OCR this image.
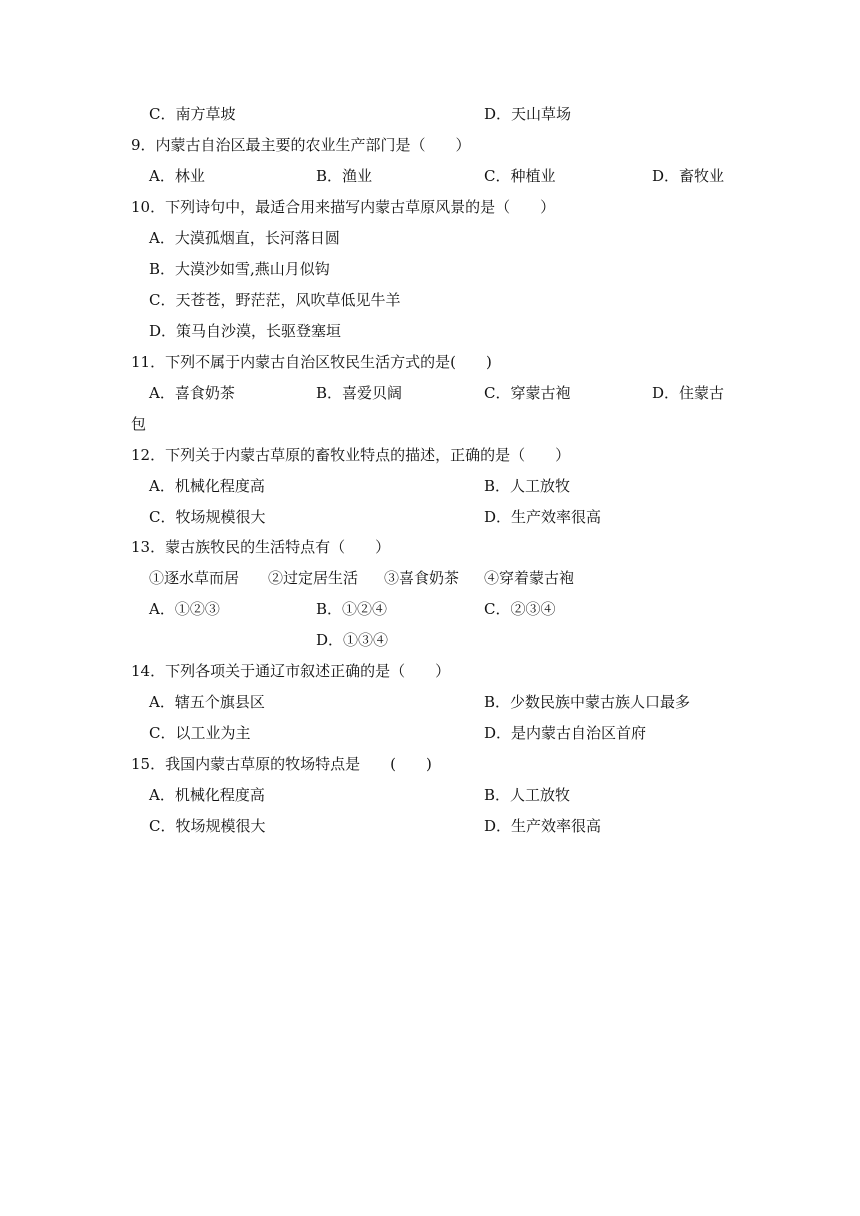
C．南方草坡	D．天山草场
9．内蒙古自治区最主要的农业生产部门是（　　）
A．林业	B．渔业	C．种植业	D．畜牧业
10．下列诗句中，最适合用来描写内蒙古草原风景的是（　　）
A．大漠孤烟直，长河落日圆
B．大漠沙如雪,燕山月似钩
C．天苍苍，野茫茫，风吹草低见牛羊
D．策马自沙漠，长驱登塞垣
11．下列不属于内蒙古自治区牧民生活方式的是(　　)
A．喜食奶茶	B．喜爱贝阔	C．穿蒙古袍	D．住蒙古
包
12．下列关于内蒙古草原的畜牧业特点的描述，正确的是（　　）
A．机械化程度高	B．人工放牧
C．牧场规模很大	D．生产效率很高
13．蒙古族牧民的生活特点有（　　）
①逐水草而居 ②过定居生活 ③喜食奶茶 ④穿着蒙古袍
A．①②③	B．①②④	C．②③④
D．①③④
14．下列各项关于通辽市叙述正确的是（　　）
A．辖五个旗县区	B．少数民族中蒙古族人口最多
C．以工业为主	D．是内蒙古自治区首府
15．我国内蒙古草原的牧场特点是　　(　　)
A．机械化程度高	B．人工放牧
C．牧场规模很大	D．生产效率很高
